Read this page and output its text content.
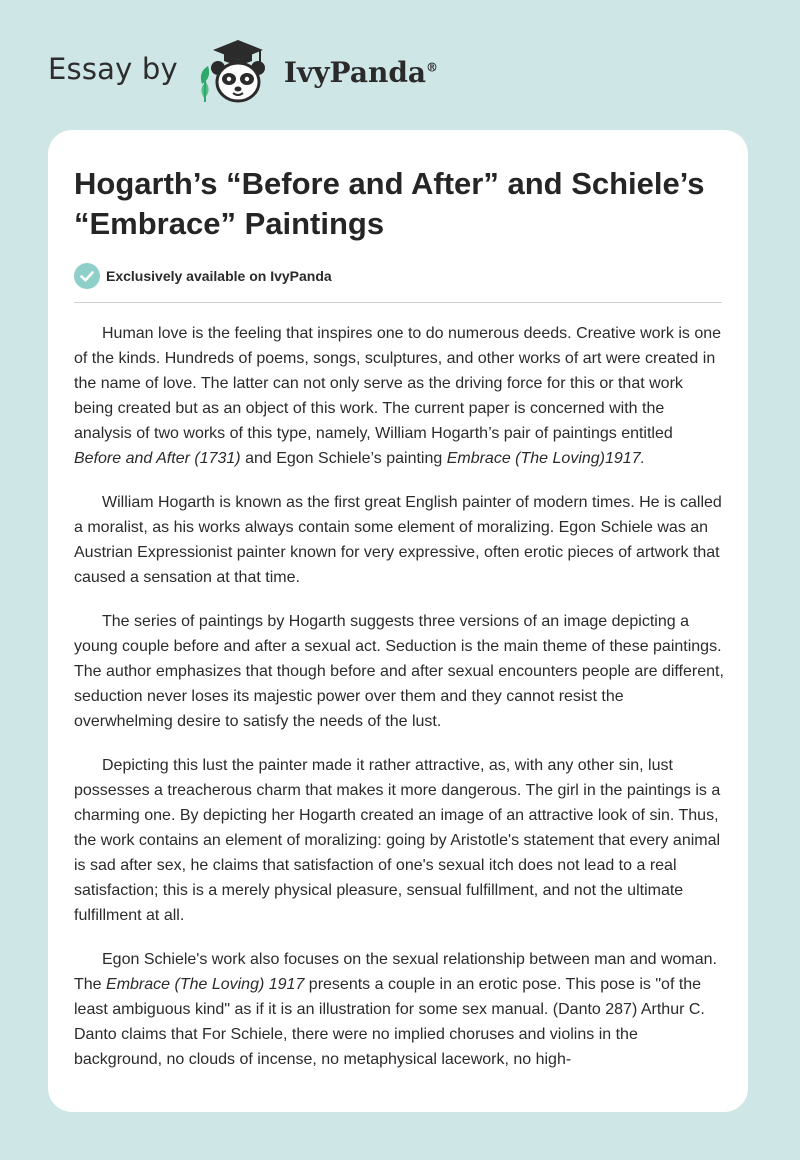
Essay by	IvyPanda®
Hogarth’s “Before and After” and Schiele’s “Embrace” Paintings
Exclusively available on IvyPanda

Human love is the feeling that inspires one to do numerous deeds. Creative work is one of the kinds. Hundreds of poems, songs, sculptures, and other works of art were created in the name of love. The latter can not only serve as the driving force for this or that work being created but as an object of this work. The current paper is concerned with the analysis of two works of this type, namely, William Hogarth’s pair of paintings entitled Before and After (1731) and Egon Schiele’s painting Embrace (The Loving)1917.

William Hogarth is known as the first great English painter of modern times. He is called a moralist, as his works always contain some element of moralizing. Egon Schiele was an Austrian Expressionist painter known for very expressive, often erotic pieces of artwork that caused a sensation at that time.

The series of paintings by Hogarth suggests three versions of an image depicting a young couple before and after a sexual act. Seduction is the main theme of these paintings. The author emphasizes that though before and after sexual encounters people are different, seduction never loses its majestic power over them and they cannot resist the overwhelming desire to satisfy the needs of the lust.

Depicting this lust the painter made it rather attractive, as, with any other sin, lust possesses a treacherous charm that makes it more dangerous. The girl in the paintings is a charming one. By depicting her Hogarth created an image of an attractive look of sin. Thus, the work contains an element of moralizing: going by Aristotle's statement that every animal is sad after sex, he claims that satisfaction of one's sexual itch does not lead to a real satisfaction; this is a merely physical pleasure, sensual fulfillment, and not the ultimate fulfillment at all.

Egon Schiele's work also focuses on the sexual relationship between man and woman. The Embrace (The Loving) 1917 presents a couple in an erotic pose. This pose is "of the least ambiguous kind" as if it is an illustration for some sex manual. (Danto 287) Arthur C. Danto claims that For Schiele, there were no implied choruses and violins in the background, no clouds of incense, no metaphysical lacework, no high-
